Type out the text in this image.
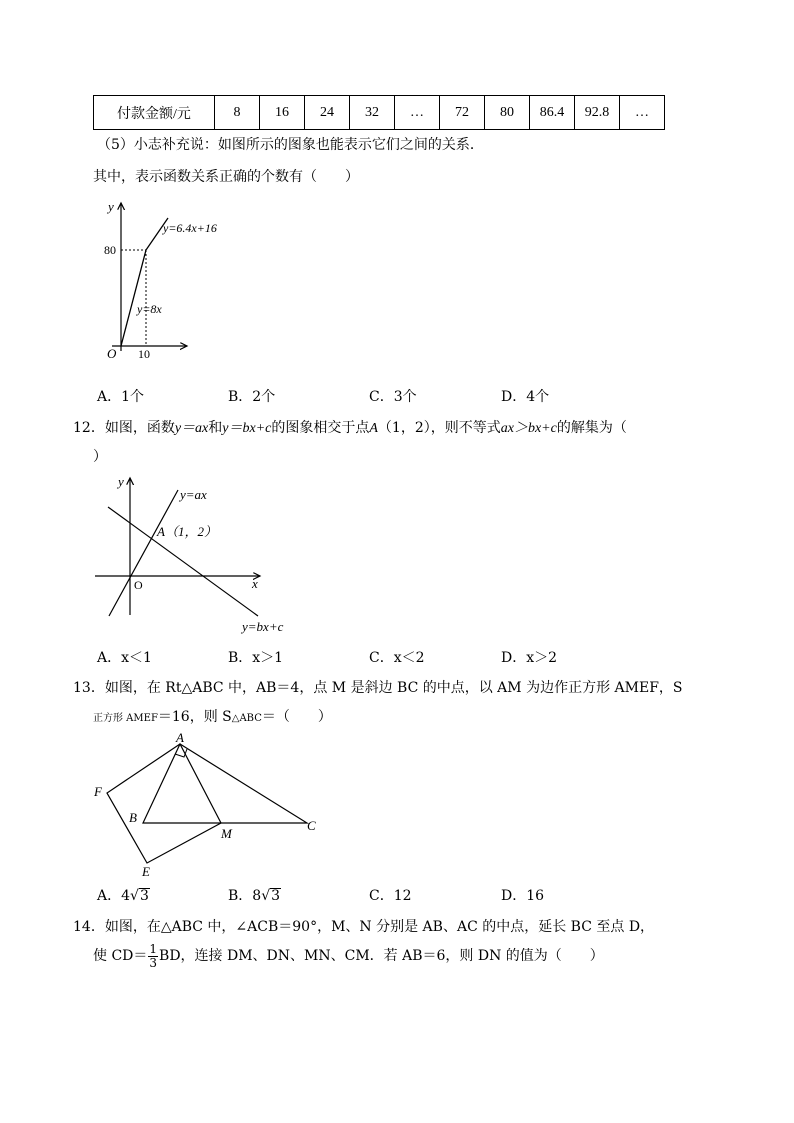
付款金额/元	8	16	24	32	…	72	80	86.4	92.8	…
（5）小志补充说：如图所示的图象也能表示它们之间的关系．
其中，表示函数关系正确的个数有（　　）
y
O
80
10
y=6.4x+16
y=8x
A．1个	B．2个	C．3个	D．4个
12．如图，函数y＝ax和y＝bx+c的图象相交于点A（1，2），则不等式ax＞bx+c的解集为（
）
y
x
O
A（1，2）
y=ax
y=bx+c
A．x＜1	B．x＞1	C．x＜2	D．x＞2
13．如图，在 Rt△ABC 中，AB＝4，点 M 是斜边 BC 的中点，以 AM 为边作正方形 AMEF，S
正方形 AMEF＝16，则 S△ABC＝（　　）
A
B
C
M
E
F
A．4√3	B．8√3	C．12	D．16
14．如图，在△ABC 中，∠ACB＝90°，M、N 分别是 AB、AC 的中点，延长 BC 至点 D，
使 $CD= \frac{1}{3}$ BD，连接 DM、DN、MN、CM．若 AB＝6，则 DN 的值为（　　）
